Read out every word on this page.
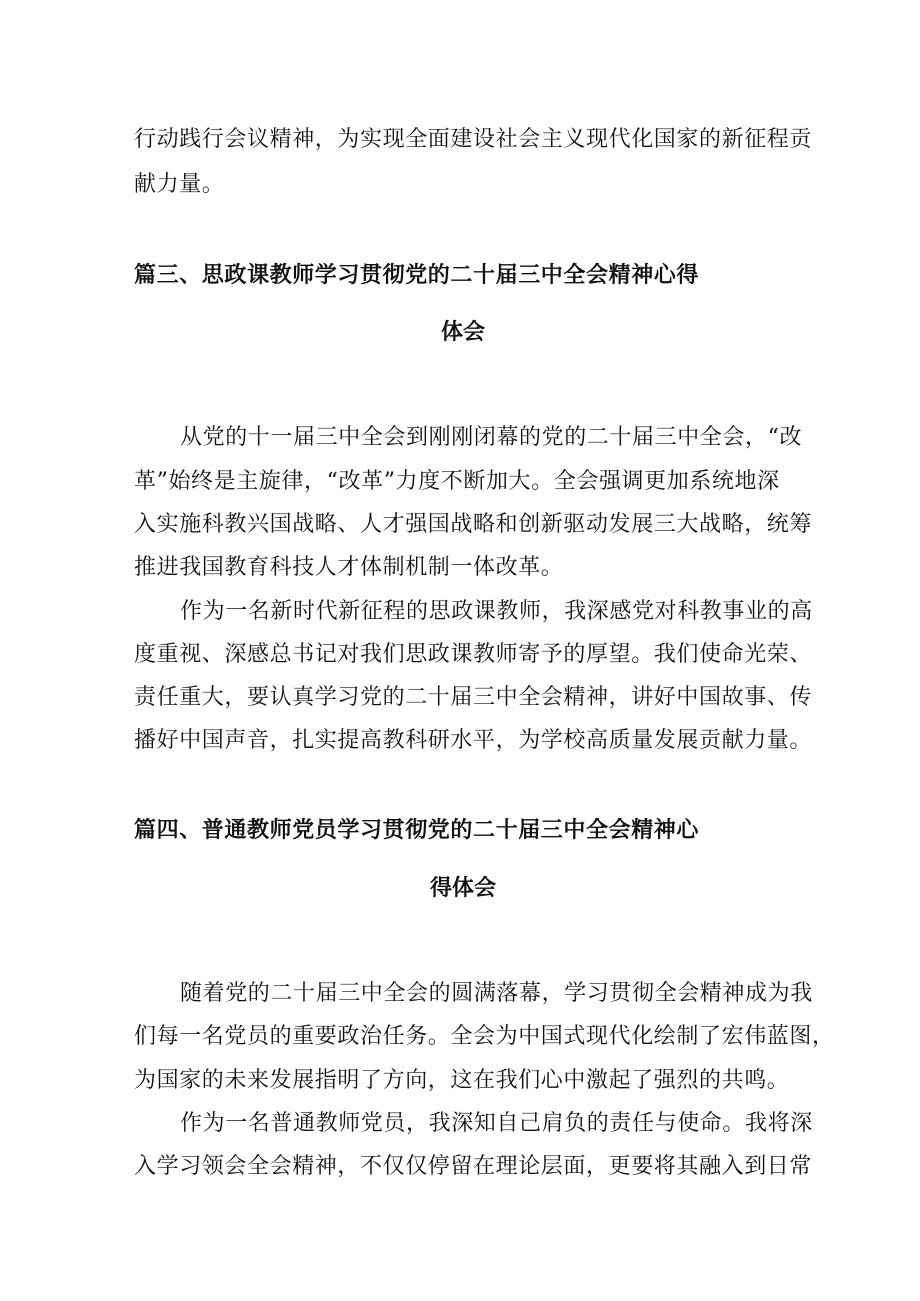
行动践行会议精神，为实现全面建设社会主义现代化国家的新征程贡
献力量。
篇三、思政课教师学习贯彻党的二十届三中全会精神心得
体会
从党的十一届三中全会到刚刚闭幕的党的二十届三中全会，“改
革”始终是主旋律，“改革”力度不断加大。全会强调更加系统地深
入实施科教兴国战略、人才强国战略和创新驱动发展三大战略，统筹
推进我国教育科技人才体制机制一体改革。
作为一名新时代新征程的思政课教师，我深感党对科教事业的高
度重视、深感总书记对我们思政课教师寄予的厚望。我们使命光荣、
责任重大，要认真学习党的二十届三中全会精神，讲好中国故事、传
播好中国声音，扎实提高教科研水平，为学校高质量发展贡献力量。
篇四、普通教师党员学习贯彻党的二十届三中全会精神心
得体会
随着党的二十届三中全会的圆满落幕，学习贯彻全会精神成为我
们每一名党员的重要政治任务。全会为中国式现代化绘制了宏伟蓝图，
为国家的未来发展指明了方向，这在我们心中激起了强烈的共鸣。
作为一名普通教师党员，我深知自己肩负的责任与使命。我将深
入学习领会全会精神，不仅仅停留在理论层面，更要将其融入到日常
